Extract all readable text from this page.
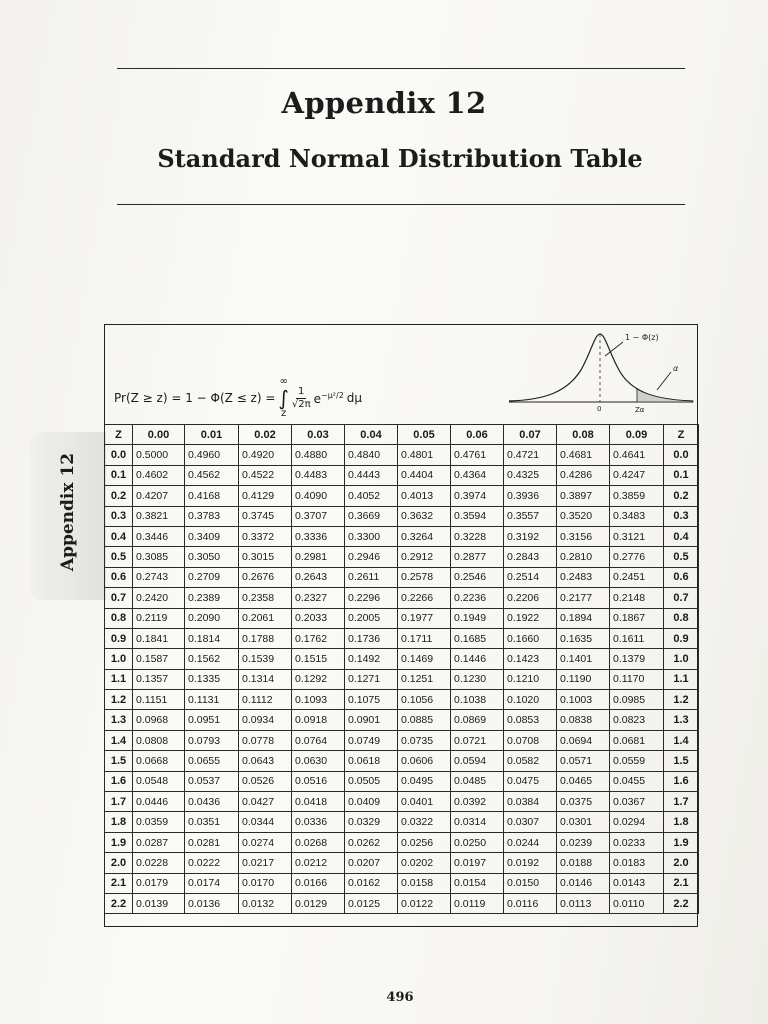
Appendix 12
Standard Normal Distribution Table
Appendix 12
Pr(Z ≥ z) = 1 − Φ(Z ≤ z) =
∞
∫
z
$\frac{1}{√2\pi} e^{-\mu^2/2}$ dμ
1 − Φ(z)
α
0	Zα
Z	0.00	0.01	0.02	0.03	0.04	0.05	0.06	0.07	0.08	0.09	Z
0.0	0.5000	0.4960	0.4920	0.4880	0.4840	0.4801	0.4761	0.4721	0.4681	0.4641	0.0
0.1	0.4602	0.4562	0.4522	0.4483	0.4443	0.4404	0.4364	0.4325	0.4286	0.4247	0.1
0.2	0.4207	0.4168	0.4129	0.4090	0.4052	0.4013	0.3974	0.3936	0.3897	0.3859	0.2
0.3	0.3821	0.3783	0.3745	0.3707	0.3669	0.3632	0.3594	0.3557	0.3520	0.3483	0.3
0.4	0.3446	0.3409	0.3372	0.3336	0.3300	0.3264	0.3228	0.3192	0.3156	0.3121	0.4
0.5	0.3085	0.3050	0.3015	0.2981	0.2946	0.2912	0.2877	0.2843	0.2810	0.2776	0.5
0.6	0.2743	0.2709	0.2676	0.2643	0.2611	0.2578	0.2546	0.2514	0.2483	0.2451	0.6
0.7	0.2420	0.2389	0.2358	0.2327	0.2296	0.2266	0.2236	0.2206	0.2177	0.2148	0.7
0.8	0.2119	0.2090	0.2061	0.2033	0.2005	0.1977	0.1949	0.1922	0.1894	0.1867	0.8
0.9	0.1841	0.1814	0.1788	0.1762	0.1736	0.1711	0.1685	0.1660	0.1635	0.1611	0.9
1.0	0.1587	0.1562	0.1539	0.1515	0.1492	0.1469	0.1446	0.1423	0.1401	0.1379	1.0
1.1	0.1357	0.1335	0.1314	0.1292	0.1271	0.1251	0.1230	0.1210	0.1190	0.1170	1.1
1.2	0.1151	0.1131	0.1112	0.1093	0.1075	0.1056	0.1038	0.1020	0.1003	0.0985	1.2
1.3	0.0968	0.0951	0.0934	0.0918	0.0901	0.0885	0.0869	0.0853	0.0838	0.0823	1.3
1.4	0.0808	0.0793	0.0778	0.0764	0.0749	0.0735	0.0721	0.0708	0.0694	0.0681	1.4
1.5	0.0668	0.0655	0.0643	0.0630	0.0618	0.0606	0.0594	0.0582	0.0571	0.0559	1.5
1.6	0.0548	0.0537	0.0526	0.0516	0.0505	0.0495	0.0485	0.0475	0.0465	0.0455	1.6
1.7	0.0446	0.0436	0.0427	0.0418	0.0409	0.0401	0.0392	0.0384	0.0375	0.0367	1.7
1.8	0.0359	0.0351	0.0344	0.0336	0.0329	0.0322	0.0314	0.0307	0.0301	0.0294	1.8
1.9	0.0287	0.0281	0.0274	0.0268	0.0262	0.0256	0.0250	0.0244	0.0239	0.0233	1.9
2.0	0.0228	0.0222	0.0217	0.0212	0.0207	0.0202	0.0197	0.0192	0.0188	0.0183	2.0
2.1	0.0179	0.0174	0.0170	0.0166	0.0162	0.0158	0.0154	0.0150	0.0146	0.0143	2.1
2.2	0.0139	0.0136	0.0132	0.0129	0.0125	0.0122	0.0119	0.0116	0.0113	0.0110	2.2
496
